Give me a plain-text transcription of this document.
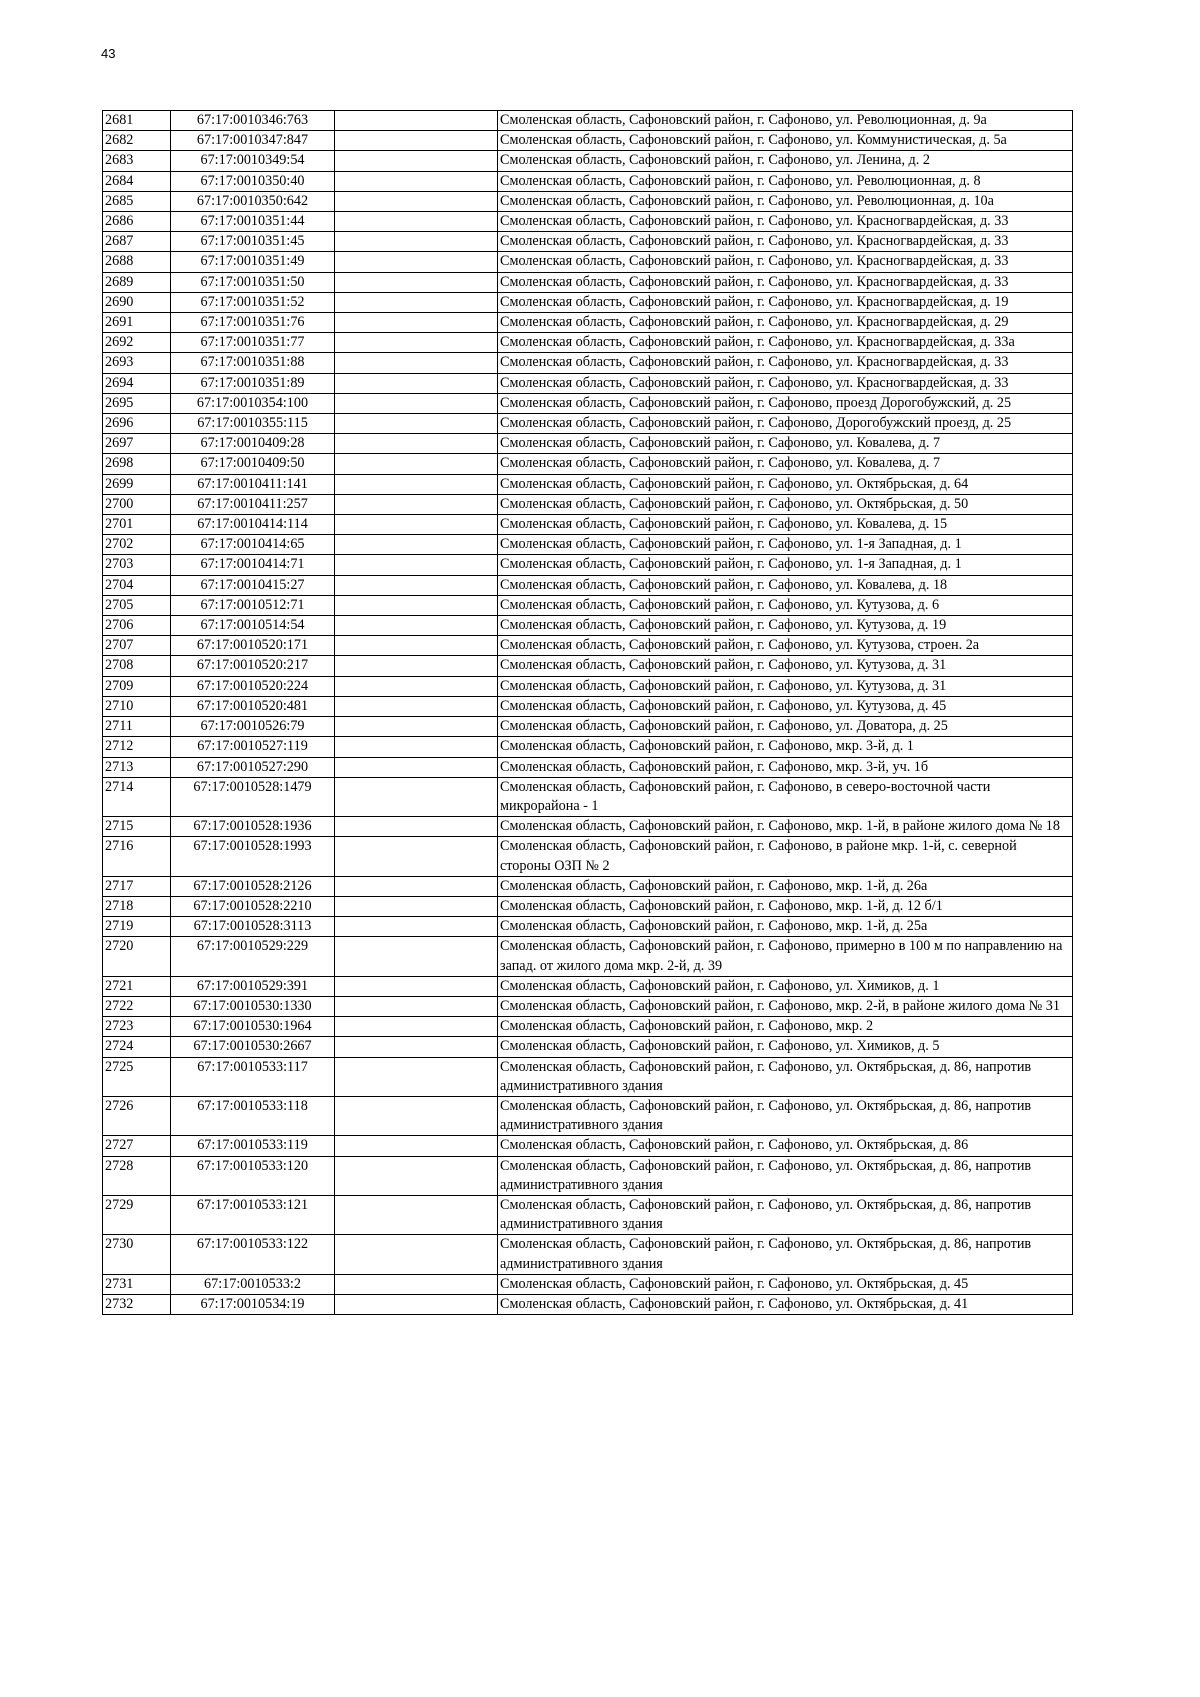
43
2681	67:17:0010346:763		Смоленская область, Сафоновский район, г. Сафоново, ул. Революционная, д. 9а
2682	67:17:0010347:847		Смоленская область, Сафоновский район, г. Сафоново, ул. Коммунистическая, д. 5а
2683	67:17:0010349:54		Смоленская область, Сафоновский район, г. Сафоново, ул. Ленина, д. 2
2684	67:17:0010350:40		Смоленская область, Сафоновский район, г. Сафоново, ул. Революционная, д. 8
2685	67:17:0010350:642		Смоленская область, Сафоновский район, г. Сафоново, ул. Революционная, д. 10а
2686	67:17:0010351:44		Смоленская область, Сафоновский район, г. Сафоново, ул. Красногвардейская, д. 33
2687	67:17:0010351:45		Смоленская область, Сафоновский район, г. Сафоново, ул. Красногвардейская, д. 33
2688	67:17:0010351:49		Смоленская область, Сафоновский район, г. Сафоново, ул. Красногвардейская, д. 33
2689	67:17:0010351:50		Смоленская область, Сафоновский район, г. Сафоново, ул. Красногвардейская, д. 33
2690	67:17:0010351:52		Смоленская область, Сафоновский район, г. Сафоново, ул. Красногвардейская, д. 19
2691	67:17:0010351:76		Смоленская область, Сафоновский район, г. Сафоново, ул. Красногвардейская, д. 29
2692	67:17:0010351:77		Смоленская область, Сафоновский район, г. Сафоново, ул. Красногвардейская, д. 33а
2693	67:17:0010351:88		Смоленская область, Сафоновский район, г. Сафоново, ул. Красногвардейская, д. 33
2694	67:17:0010351:89		Смоленская область, Сафоновский район, г. Сафоново, ул. Красногвардейская, д. 33
2695	67:17:0010354:100		Смоленская область, Сафоновский район, г. Сафоново, проезд Дорогобужский, д. 25
2696	67:17:0010355:115		Смоленская область, Сафоновский район, г. Сафоново, Дорогобужский проезд, д. 25
2697	67:17:0010409:28		Смоленская область, Сафоновский район, г. Сафоново, ул. Ковалева, д. 7
2698	67:17:0010409:50		Смоленская область, Сафоновский район, г. Сафоново, ул. Ковалева, д. 7
2699	67:17:0010411:141		Смоленская область, Сафоновский район, г. Сафоново, ул. Октябрьская, д. 64
2700	67:17:0010411:257		Смоленская область, Сафоновский район, г. Сафоново, ул. Октябрьская, д. 50
2701	67:17:0010414:114		Смоленская область, Сафоновский район, г. Сафоново, ул. Ковалева, д. 15
2702	67:17:0010414:65		Смоленская область, Сафоновский район, г. Сафоново, ул. 1-я Западная, д. 1
2703	67:17:0010414:71		Смоленская область, Сафоновский район, г. Сафоново, ул. 1-я Западная, д. 1
2704	67:17:0010415:27		Смоленская область, Сафоновский район, г. Сафоново, ул. Ковалева, д. 18
2705	67:17:0010512:71		Смоленская область, Сафоновский район, г. Сафоново, ул. Кутузова, д. 6
2706	67:17:0010514:54		Смоленская область, Сафоновский район, г. Сафоново, ул. Кутузова, д. 19
2707	67:17:0010520:171		Смоленская область, Сафоновский район, г. Сафоново, ул. Кутузова, строен. 2а
2708	67:17:0010520:217		Смоленская область, Сафоновский район, г. Сафоново, ул. Кутузова, д. 31
2709	67:17:0010520:224		Смоленская область, Сафоновский район, г. Сафоново, ул. Кутузова, д. 31
2710	67:17:0010520:481		Смоленская область, Сафоновский район, г. Сафоново, ул. Кутузова, д. 45
2711	67:17:0010526:79		Смоленская область, Сафоновский район, г. Сафоново, ул. Доватора, д. 25
2712	67:17:0010527:119		Смоленская область, Сафоновский район, г. Сафоново, мкр. 3-й, д. 1
2713	67:17:0010527:290		Смоленская область, Сафоновский район, г. Сафоново, мкр. 3-й, уч. 1б
2714	67:17:0010528:1479		Смоленская область, Сафоновский район, г. Сафоново, в северо-восточной части микрорайона - 1
2715	67:17:0010528:1936		Смоленская область, Сафоновский район, г. Сафоново, мкр. 1-й, в районе жилого дома № 18
2716	67:17:0010528:1993		Смоленская область, Сафоновский район, г. Сафоново, в районе мкр. 1-й, с. северной стороны ОЗП № 2
2717	67:17:0010528:2126		Смоленская область, Сафоновский район, г. Сафоново, мкр. 1-й, д. 26а
2718	67:17:0010528:2210		Смоленская область, Сафоновский район, г. Сафоново, мкр. 1-й, д. 12 б/1
2719	67:17:0010528:3113		Смоленская область, Сафоновский район, г. Сафоново, мкр. 1-й, д. 25а
2720	67:17:0010529:229		Смоленская область, Сафоновский район, г. Сафоново, примерно в 100 м по направлению на запад. от жилого дома мкр. 2-й, д. 39
2721	67:17:0010529:391		Смоленская область, Сафоновский район, г. Сафоново, ул. Химиков, д. 1
2722	67:17:0010530:1330		Смоленская область, Сафоновский район, г. Сафоново, мкр. 2-й, в районе жилого дома № 31
2723	67:17:0010530:1964		Смоленская область, Сафоновский район, г. Сафоново, мкр. 2
2724	67:17:0010530:2667		Смоленская область, Сафоновский район, г. Сафоново, ул. Химиков, д. 5
2725	67:17:0010533:117		Смоленская область, Сафоновский район, г. Сафоново, ул. Октябрьская, д. 86, напротив административного здания
2726	67:17:0010533:118		Смоленская область, Сафоновский район, г. Сафоново, ул. Октябрьская, д. 86, напротив административного здания
2727	67:17:0010533:119		Смоленская область, Сафоновский район, г. Сафоново, ул. Октябрьская, д. 86
2728	67:17:0010533:120		Смоленская область, Сафоновский район, г. Сафоново, ул. Октябрьская, д. 86, напротив административного здания
2729	67:17:0010533:121		Смоленская область, Сафоновский район, г. Сафоново, ул. Октябрьская, д. 86, напротив административного здания
2730	67:17:0010533:122		Смоленская область, Сафоновский район, г. Сафоново, ул. Октябрьская, д. 86, напротив административного здания
2731	67:17:0010533:2		Смоленская область, Сафоновский район, г. Сафоново, ул. Октябрьская, д. 45
2732	67:17:0010534:19		Смоленская область, Сафоновский район, г. Сафоново, ул. Октябрьская, д. 41
